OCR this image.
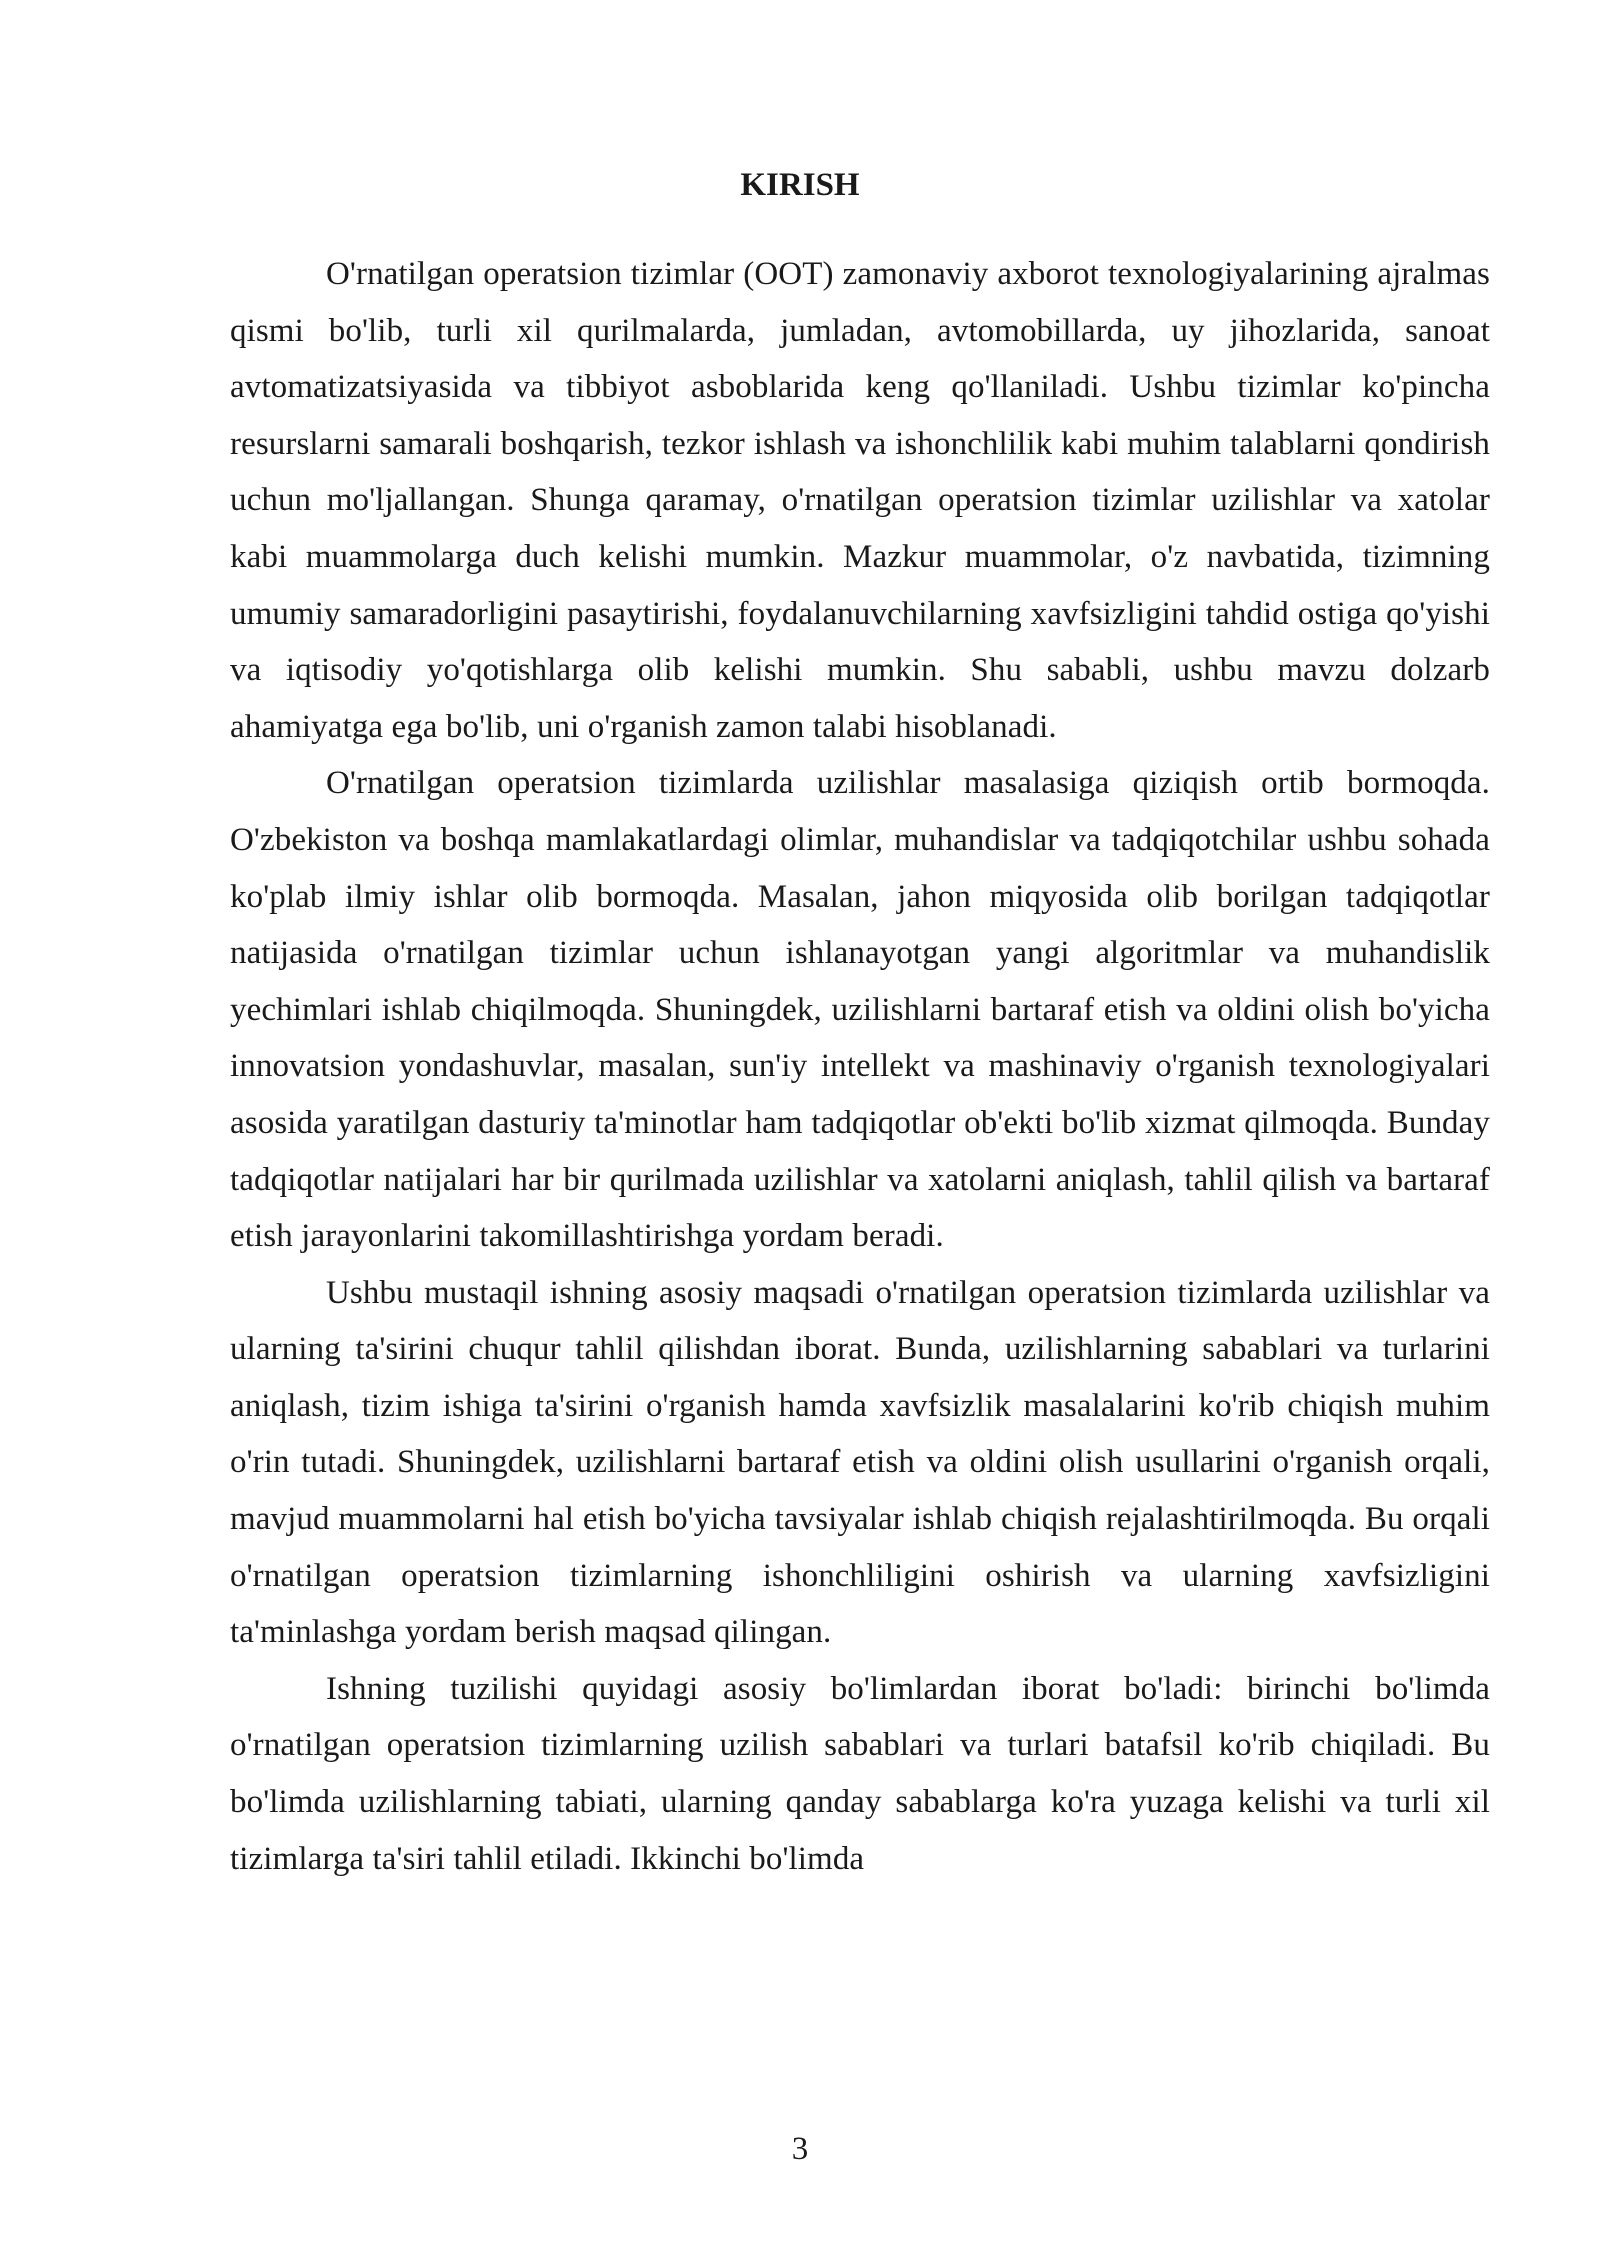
KIRISH

O'rnatilgan operatsion tizimlar (OOT) zamonaviy axborot texnologiyalarining ajralmas qismi bo'lib, turli xil qurilmalarda, jumladan, avtomobillarda, uy jihozlarida, sanoat avtomatizatsiyasida va tibbiyot asboblarida keng qo'llaniladi. Ushbu tizimlar ko'pincha resurslarni samarali boshqarish, tezkor ishlash va ishonchlilik kabi muhim talablarni qondirish uchun mo'ljallangan. Shunga qaramay, o'rnatilgan operatsion tizimlar uzilishlar va xatolar kabi muammolarga duch kelishi mumkin. Mazkur muammolar, o'z navbatida, tizimning umumiy samaradorligini pasaytirishi, foydalanuvchilarning xavfsizligini tahdid ostiga qo'yishi va iqtisodiy yo'qotishlarga olib kelishi mumkin. Shu sababli, ushbu mavzu dolzarb ahamiyatga ega bo'lib, uni o'rganish zamon talabi hisoblanadi.

O'rnatilgan operatsion tizimlarda uzilishlar masalasiga qiziqish ortib bormoqda. O'zbekiston va boshqa mamlakatlardagi olimlar, muhandislar va tadqiqotchilar ushbu sohada ko'plab ilmiy ishlar olib bormoqda. Masalan, jahon miqyosida olib borilgan tadqiqotlar natijasida o'rnatilgan tizimlar uchun ishlanayotgan yangi algoritmlar va muhandislik yechimlari ishlab chiqilmoqda. Shuningdek, uzilishlarni bartaraf etish va oldini olish bo'yicha innovatsion yondashuvlar, masalan, sun'iy intellekt va mashinaviy o'rganish texnologiyalari asosida yaratilgan dasturiy ta'minotlar ham tadqiqotlar ob'ekti bo'lib xizmat qilmoqda. Bunday tadqiqotlar natijalari har bir qurilmada uzilishlar va xatolarni aniqlash, tahlil qilish va bartaraf etish jarayonlarini takomillashtirishga yordam beradi.

Ushbu mustaqil ishning asosiy maqsadi o'rnatilgan operatsion tizimlarda uzilishlar va ularning ta'sirini chuqur tahlil qilishdan iborat. Bunda, uzilishlarning sabablari va turlarini aniqlash, tizim ishiga ta'sirini o'rganish hamda xavfsizlik masalalarini ko'rib chiqish muhim o'rin tutadi. Shuningdek, uzilishlarni bartaraf etish va oldini olish usullarini o'rganish orqali, mavjud muammolarni hal etish bo'yicha tavsiyalar ishlab chiqish rejalashtirilmoqda. Bu orqali o'rnatilgan operatsion tizimlarning ishonchliligini oshirish va ularning xavfsizligini ta'minlashga yordam berish maqsad qilingan.

Ishning tuzilishi quyidagi asosiy bo'limlardan iborat bo'ladi: birinchi bo'limda o'rnatilgan operatsion tizimlarning uzilish sabablari va turlari batafsil ko'rib chiqiladi. Bu bo'limda uzilishlarning tabiati, ularning qanday sabablarga ko'ra yuzaga kelishi va turli xil tizimlarga ta'siri tahlil etiladi. Ikkinchi bo'limda

3
